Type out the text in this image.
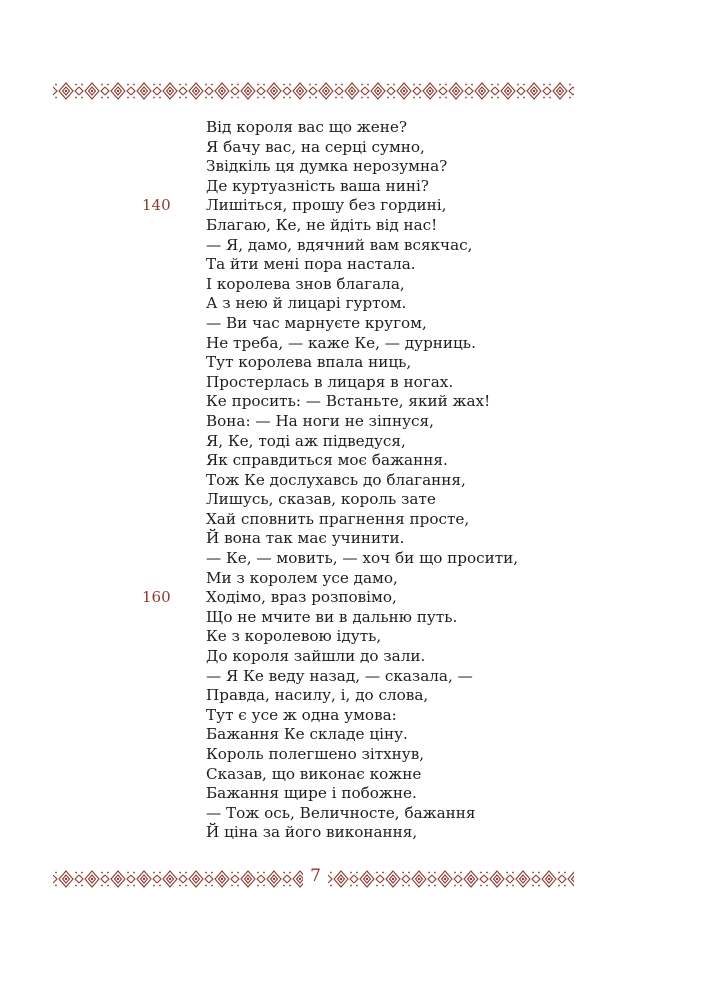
Від короля вас що жене?
Я бачу вас, на серці сумно,
Звідкіль ця думка нерозумна?
Де куртуазність ваша нині?
140	Лишіться, прошу без гордині,
Благаю, Ке, не йдіть від нас!
— Я, дамо, вдячний вам всякчас,
Та йти мені пора настала.
І королева знов благала,
А з нею й лицарі гуртом.
— Ви час марнуєте кругом,
Не треба, — каже Ке, — дурниць.
Тут королева впала ниць,
Простерлась в лицаря в ногах.
Ке просить: — Встаньте, який жах!
Вона: — На ноги не зіпнуся,
Я, Ке, тоді аж підведуся,
Як справдиться моє бажання.
Тож Ке дослухавсь до благання,
Лишусь, сказав, король зате
Хай сповнить прагнення просте,
Й вона так має учинити.
— Ке, — мовить, — хоч би що просити,
Ми з королем усе дамо,
160	Ходімо, враз розповімо,
Що не мчите ви в дальню путь.
Ке з королевою ідуть,
До короля зайшли до зали.
— Я Ке веду назад, — сказала, —
Правда, насилу, і, до слова,
Тут є усе ж одна умова:
Бажання Ке складе ціну.
Король полегшено зітхнув,
Сказав, що виконає кожне
Бажання щире і побожне.
— Тож ось, Величносте, бажання
Й ціна за його виконання,
7
